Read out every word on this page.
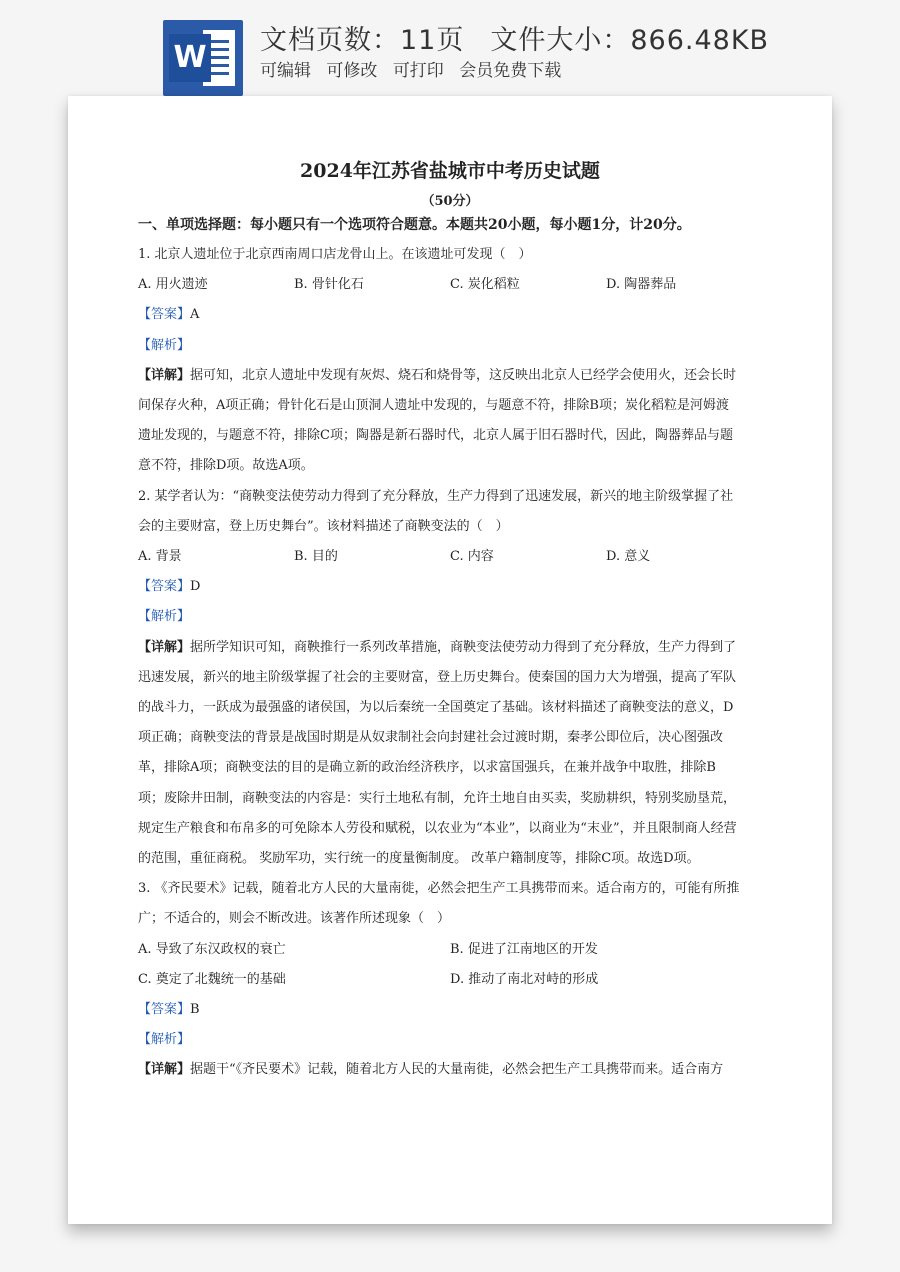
W 文档页数：11页 文件大小：866.48KB
可编辑 可修改 可打印 会员免费下载
2024年江苏省盐城市中考历史试题
（50分）
一、单项选择题：每小题只有一个选项符合题意。本题共20小题，每小题1分，计20分。
1. 北京人遗址位于北京西南周口店龙骨山上。在该遗址可发现（　）
A. 用火遗迹	B. 骨针化石	C. 炭化稻粒	D. 陶器葬品
【答案】A
【解析】
【详解】据可知，北京人遗址中发现有灰烬、烧石和烧骨等，这反映出北京人已经学会使用火，还会长时
间保存火种，A项正确；骨针化石是山顶洞人遗址中发现的，与题意不符，排除B项；炭化稻粒是河姆渡
遗址发现的，与题意不符，排除C项；陶器是新石器时代，北京人属于旧石器时代，因此，陶器葬品与题
意不符，排除D项。故选A项。
2. 某学者认为：“商鞅变法使劳动力得到了充分释放，生产力得到了迅速发展，新兴的地主阶级掌握了社
会的主要财富，登上历史舞台”。该材料描述了商鞅变法的（　）
A. 背景	B. 目的	C. 内容	D. 意义
【答案】D
【解析】
【详解】据所学知识可知，商鞅推行一系列改革措施，商鞅变法使劳动力得到了充分释放，生产力得到了
迅速发展，新兴的地主阶级掌握了社会的主要财富，登上历史舞台。使秦国的国力大为增强，提高了军队
的战斗力，一跃成为最强盛的诸侯国，为以后秦统一全国奠定了基础。该材料描述了商鞅变法的意义，D
项正确；商鞅变法的背景是战国时期是从奴隶制社会向封建社会过渡时期，秦孝公即位后，决心图强改
革，排除A项；商鞅变法的目的是确立新的政治经济秩序，以求富国强兵，在兼并战争中取胜，排除B
项；废除井田制，商鞅变法的内容是：实行土地私有制，允许土地自由买卖，奖励耕织，特别奖励垦荒，
规定生产粮食和布帛多的可免除本人劳役和赋税，以农业为“本业”，以商业为“末业”，并且限制商人经营
的范围，重征商税。 奖励军功，实行统一的度量衡制度。 改革户籍制度等，排除C项。故选D项。
3. 《齐民要术》记载，随着北方人民的大量南徙，必然会把生产工具携带而来。适合南方的，可能有所推
广；不适合的，则会不断改进。该著作所述现象（　）
A. 导致了东汉政权的衰亡	B. 促进了江南地区的开发
C. 奠定了北魏统一的基础	D. 推动了南北对峙的形成
【答案】B
【解析】
【详解】据题干“《齐民要术》记载，随着北方人民的大量南徙，必然会把生产工具携带而来。适合南方
